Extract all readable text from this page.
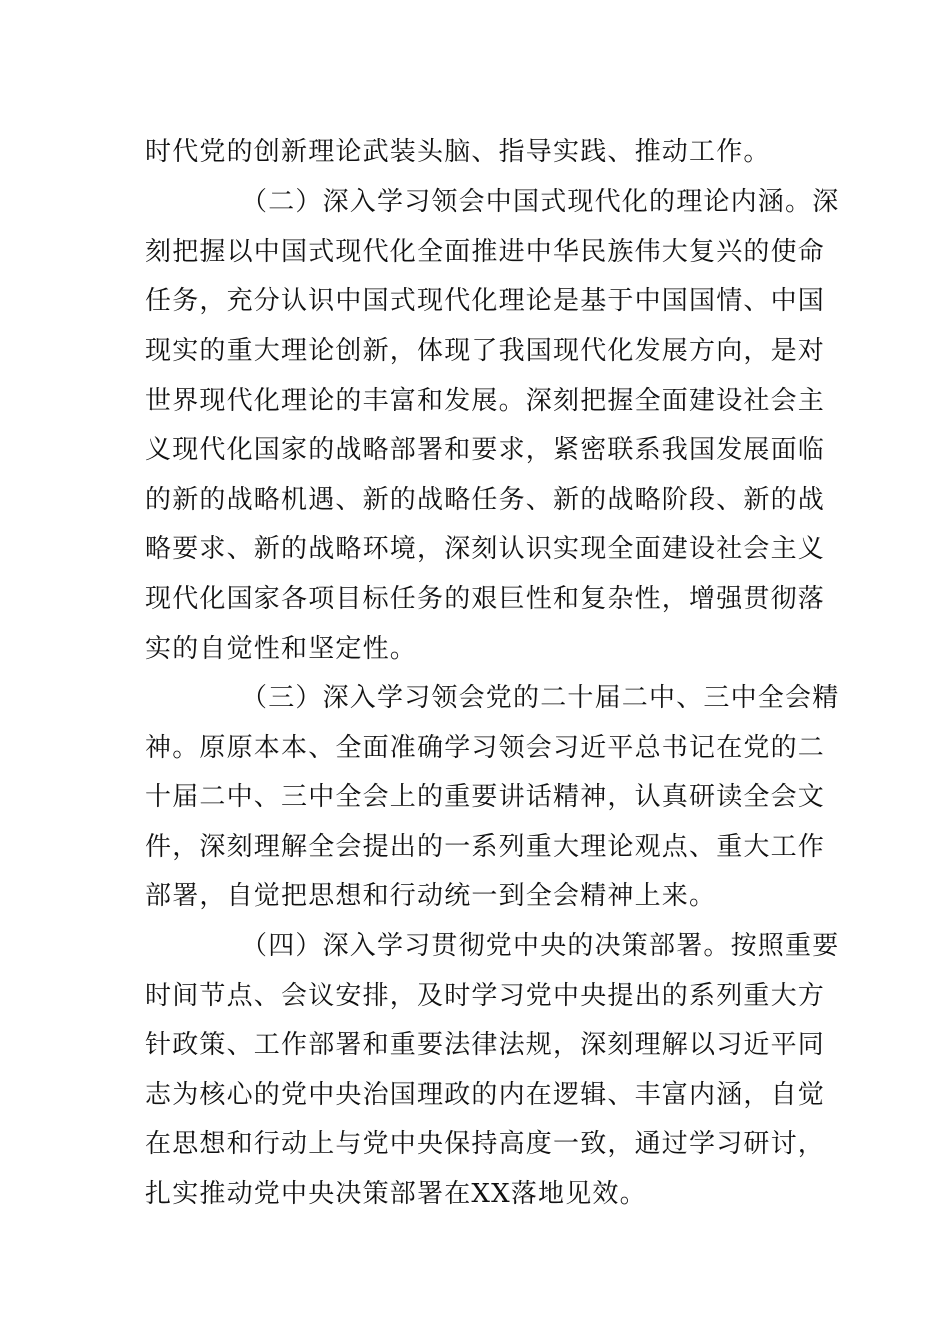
时代党的创新理论武装头脑、指导实践、推动工作。
（二）深入学习领会中国式现代化的理论内涵。深
刻把握以中国式现代化全面推进中华民族伟大复兴的使命
任务，充分认识中国式现代化理论是基于中国国情、中国
现实的重大理论创新，体现了我国现代化发展方向，是对
世界现代化理论的丰富和发展。深刻把握全面建设社会主
义现代化国家的战略部署和要求，紧密联系我国发展面临
的新的战略机遇、新的战略任务、新的战略阶段、新的战
略要求、新的战略环境，深刻认识实现全面建设社会主义
现代化国家各项目标任务的艰巨性和复杂性，增强贯彻落
实的自觉性和坚定性。
（三）深入学习领会党的二十届二中、三中全会精
神。原原本本、全面准确学习领会习近平总书记在党的二
十届二中、三中全会上的重要讲话精神，认真研读全会文
件，深刻理解全会提出的一系列重大理论观点、重大工作
部署，自觉把思想和行动统一到全会精神上来。
（四）深入学习贯彻党中央的决策部署。按照重要
时间节点、会议安排，及时学习党中央提出的系列重大方
针政策、工作部署和重要法律法规，深刻理解以习近平同
志为核心的党中央治国理政的内在逻辑、丰富内涵，自觉
在思想和行动上与党中央保持高度一致，通过学习研讨，
扎实推动党中央决策部署在XX落地见效。
